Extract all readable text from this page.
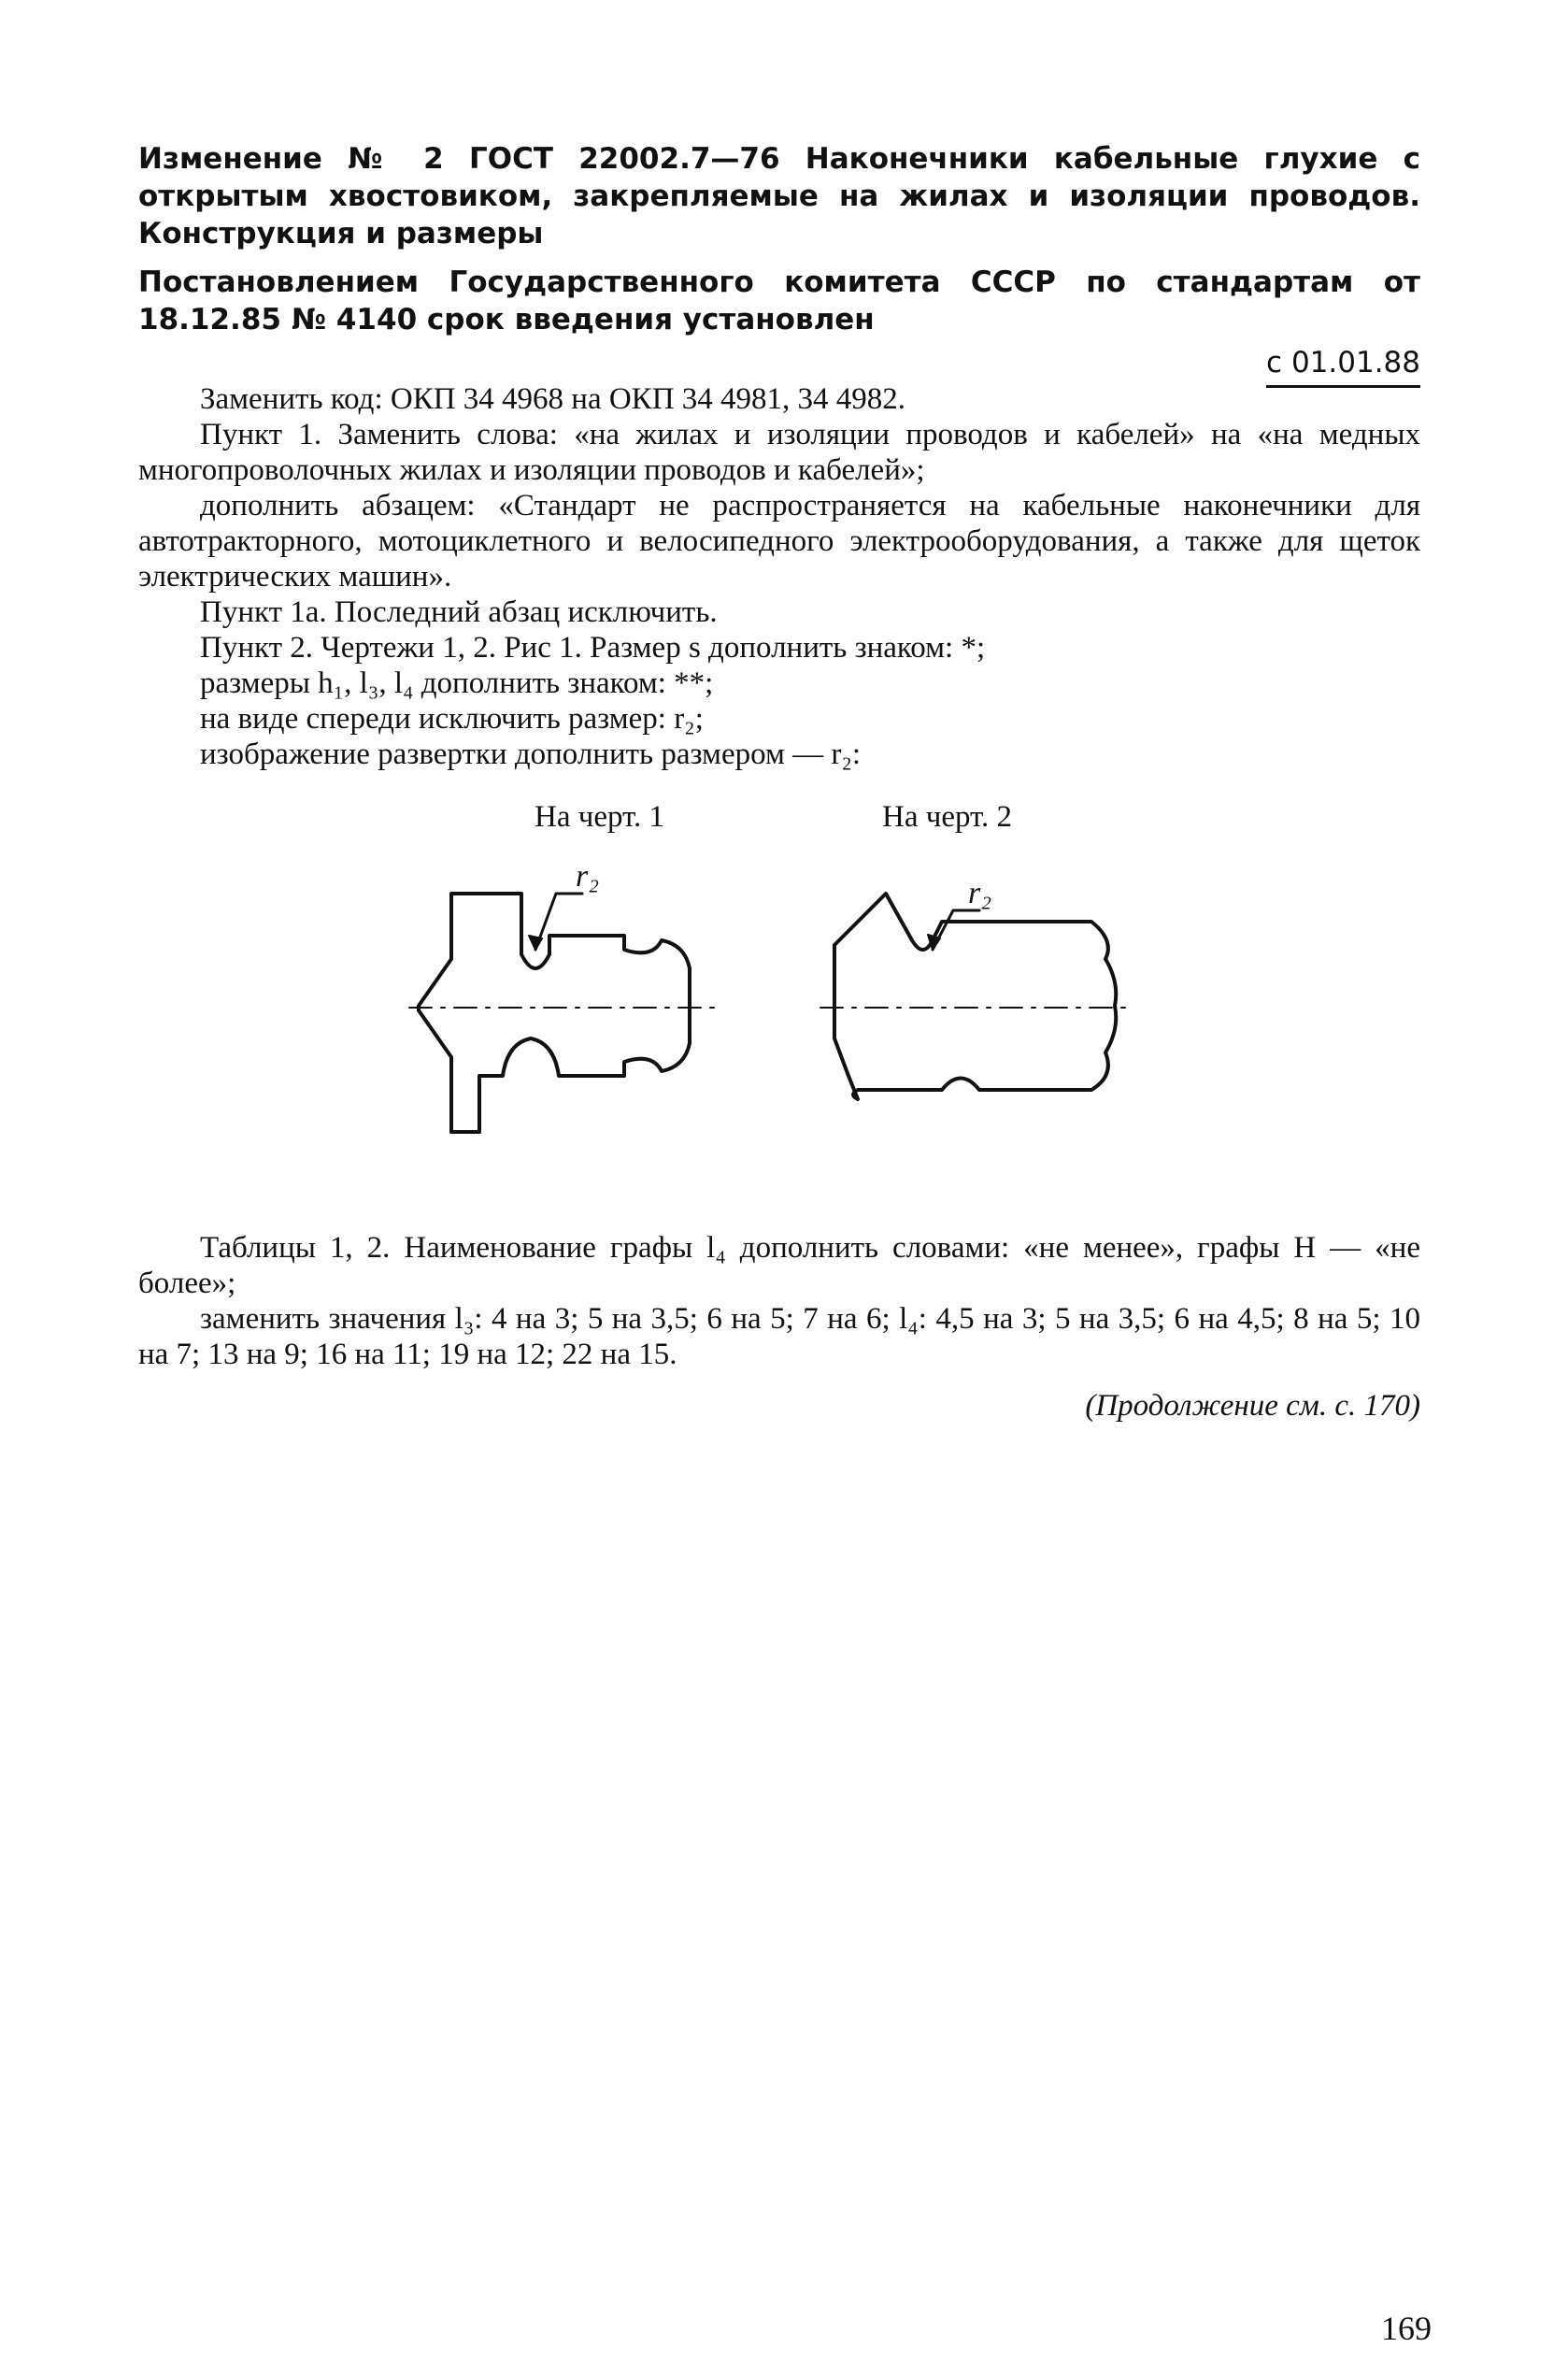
Изменение № 2 ГОСТ 22002.7—76 Наконечники кабельные глухие с открытым хвостовиком, закрепляемые на жилах и изоляции проводов. Конструкция и размеры

Постановлением Государственного комитета СССР по стандартам от 18.12.85 № 4140 срок введения установлен
с 01.01.88

Заменить код: ОКП 34 4968 на ОКП 34 4981, 34 4982.

Пункт 1. Заменить слова: «на жилах и изоляции проводов и кабелей» на «на медных многопроволочных жилах и изоляции проводов и кабелей»;

дополнить абзацем: «Стандарт не распространяется на кабельные наконечники для автотракторного, мотоциклетного и велосипедного электрооборудования, а также для щеток электрических машин».

Пункт 1а. Последний абзац исключить.

Пункт 2. Чертежи 1, 2. Рис 1. Размер s дополнить знаком: *;

размеры h₁, l₃, l₄ дополнить знаком: **;

на виде спереди исключить размер: r₂;

изображение развертки дополнить размером — r₂:

На черт. 1	На черт. 2
r₂	r₂

Таблицы 1, 2. Наименование графы l₄ дополнить словами: «не менее», графы H — «не более»;

заменить значения l₃: 4 на 3; 5 на 3,5; 6 на 5; 7 на 6; l₄: 4,5 на 3; 5 на 3,5; 6 на 4,5; 8 на 5; 10 на 7; 13 на 9; 16 на 11; 19 на 12; 22 на 15.

(Продолжение см. с. 170)
169
